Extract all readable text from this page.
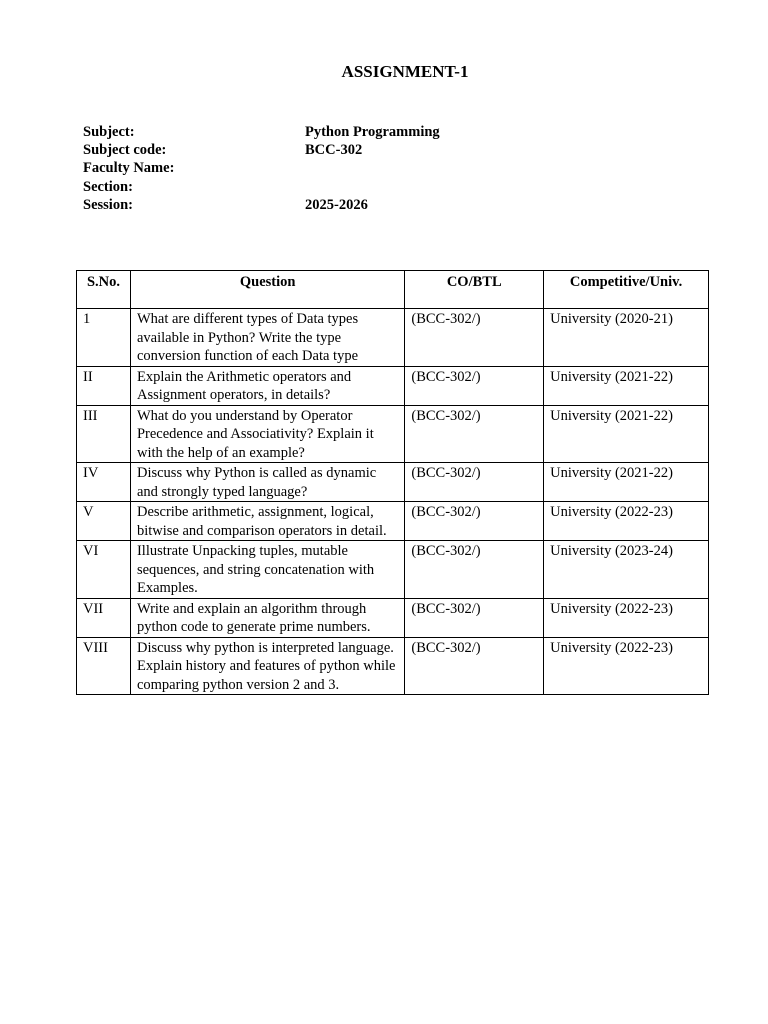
ASSIGNMENT-1
Subject:	Python Programming
Subject code:	BCC-302
Faculty Name:
Section:
Session:	2025-2026
S.No.	Question	CO/BTL	Competitive/Univ.
1	What are different types of Data types available in Python? Write the type conversion function of each Data type	(BCC-302/)	University (2020-21)
II	Explain the Arithmetic operators and Assignment operators, in details?	(BCC-302/)	University (2021-22)
III	What do you understand by Operator Precedence and Associativity? Explain it with the help of an example?	(BCC-302/)	University (2021-22)
IV	Discuss why Python is called as dynamic and strongly typed language?	(BCC-302/)	University (2021-22)
V	Describe arithmetic, assignment, logical, bitwise and comparison operators in detail.	(BCC-302/)	University (2022-23)
VI	Illustrate Unpacking tuples, mutable sequences, and string concatenation with Examples.	(BCC-302/)	University (2023-24)
VII	Write and explain an algorithm through python code to generate prime numbers.	(BCC-302/)	University (2022-23)
VIII	Discuss why python is interpreted language. Explain history and features of python while comparing python version 2 and 3.	(BCC-302/)	University (2022-23)
